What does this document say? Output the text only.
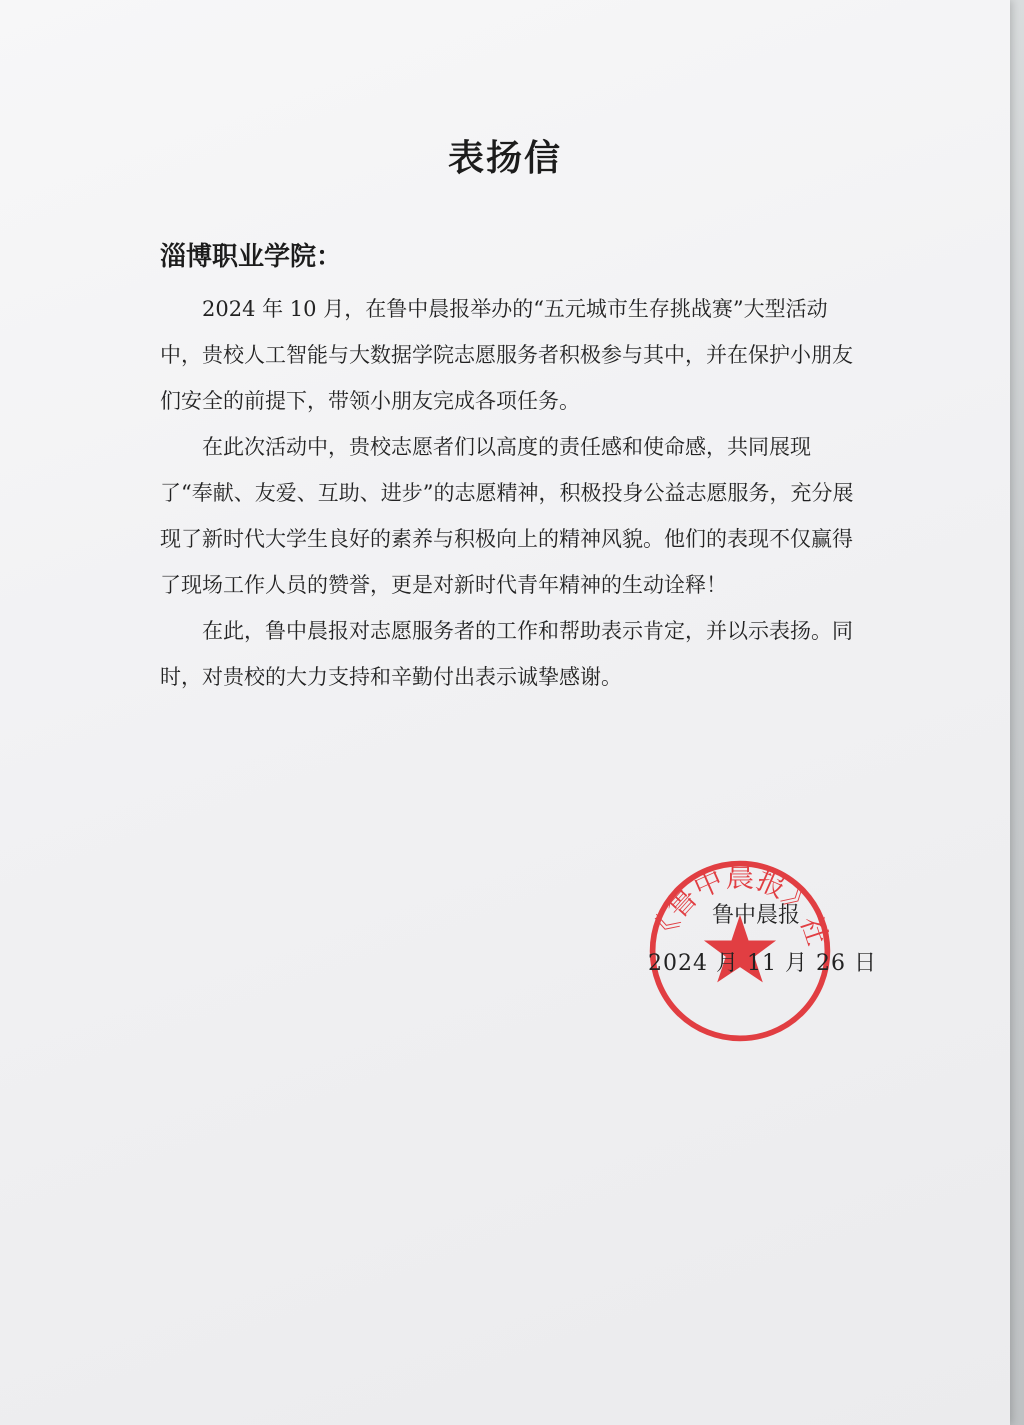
表扬信
淄博职业学院：

2024 年 10 月，在鲁中晨报举办的“五元城市生存挑战赛”大型活动中，贵校人工智能与大数据学院志愿服务者积极参与其中，并在保护小朋友们安全的前提下，带领小朋友完成各项任务。

在此次活动中，贵校志愿者们以高度的责任感和使命感，共同展现了“奉献、友爱、互助、进步”的志愿精神，积极投身公益志愿服务，充分展现了新时代大学生良好的素养与积极向上的精神风貌。他们的表现不仅赢得了现场工作人员的赞誉，更是对新时代青年精神的生动诠释！

在此，鲁中晨报对志愿服务者的工作和帮助表示肯定，并以示表扬。同时，对贵校的大力支持和辛勤付出表示诚挚感谢。

《鲁中晨报》社
鲁中晨报
2024 月 11 月 26 日
